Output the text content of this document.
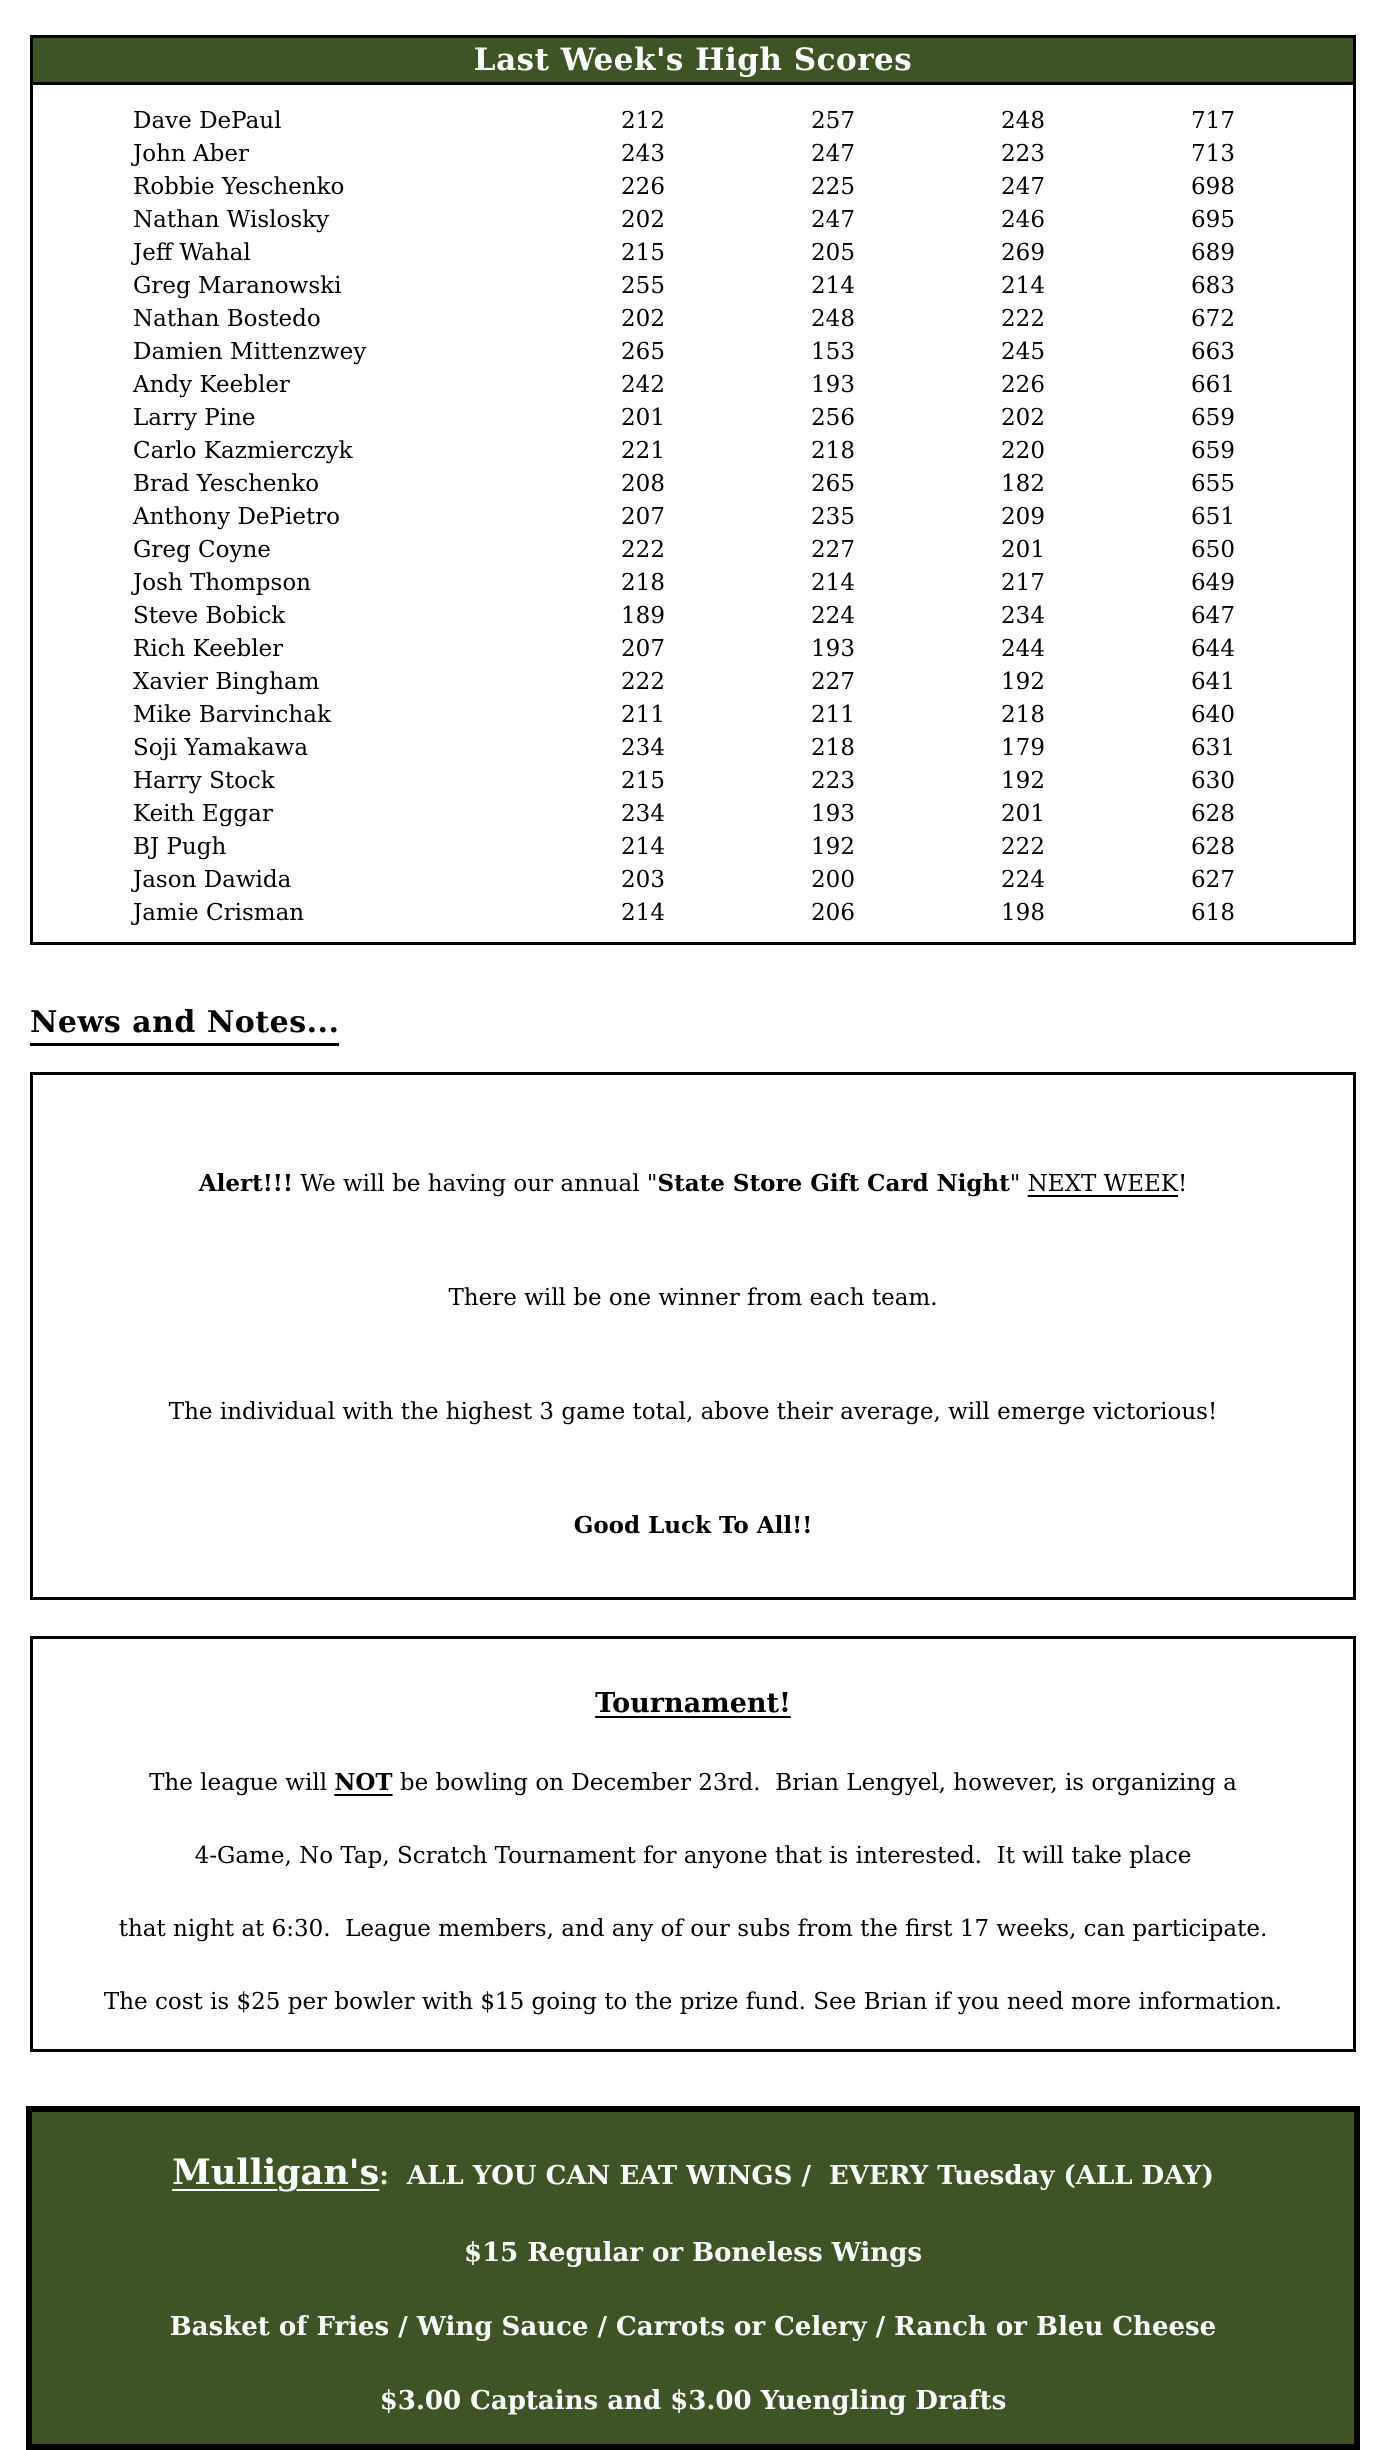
Last Week's High Scores
Dave DePaul	212	257	248	717
John Aber	243	247	223	713
Robbie Yeschenko	226	225	247	698
Nathan Wislosky	202	247	246	695
Jeff Wahal	215	205	269	689
Greg Maranowski	255	214	214	683
Nathan Bostedo	202	248	222	672
Damien Mittenzwey	265	153	245	663
Andy Keebler	242	193	226	661
Larry Pine	201	256	202	659
Carlo Kazmierczyk	221	218	220	659
Brad Yeschenko	208	265	182	655
Anthony DePietro	207	235	209	651
Greg Coyne	222	227	201	650
Josh Thompson	218	214	217	649
Steve Bobick	189	224	234	647
Rich Keebler	207	193	244	644
Xavier Bingham	222	227	192	641
Mike Barvinchak	211	211	218	640
Soji Yamakawa	234	218	179	631
Harry Stock	215	223	192	630
Keith Eggar	234	193	201	628
BJ Pugh	214	192	222	628
Jason Dawida	203	200	224	627
Jamie Crisman	214	206	198	618
News and Notes...

Alert!!! We will be having our annual "State Store Gift Card Night" NEXT WEEK!

There will be one winner from each team.

The individual with the highest 3 game total, above their average, will emerge victorious!

Good Luck To All!!

Tournament!

The league will NOT be bowling on December 23rd.  Brian Lengyel, however, is organizing a

4-Game, No Tap, Scratch Tournament for anyone that is interested.  It will take place

that night at 6:30.  League members, and any of our subs from the first 17 weeks, can participate.

The cost is $25 per bowler with $15 going to the prize fund. See Brian if you need more information.

Mulligan's:  ALL YOU CAN EAT WINGS /  EVERY Tuesday (ALL DAY)

$15 Regular or Boneless Wings

Basket of Fries / Wing Sauce / Carrots or Celery / Ranch or Bleu Cheese

$3.00 Captains and $3.00 Yuengling Drafts
